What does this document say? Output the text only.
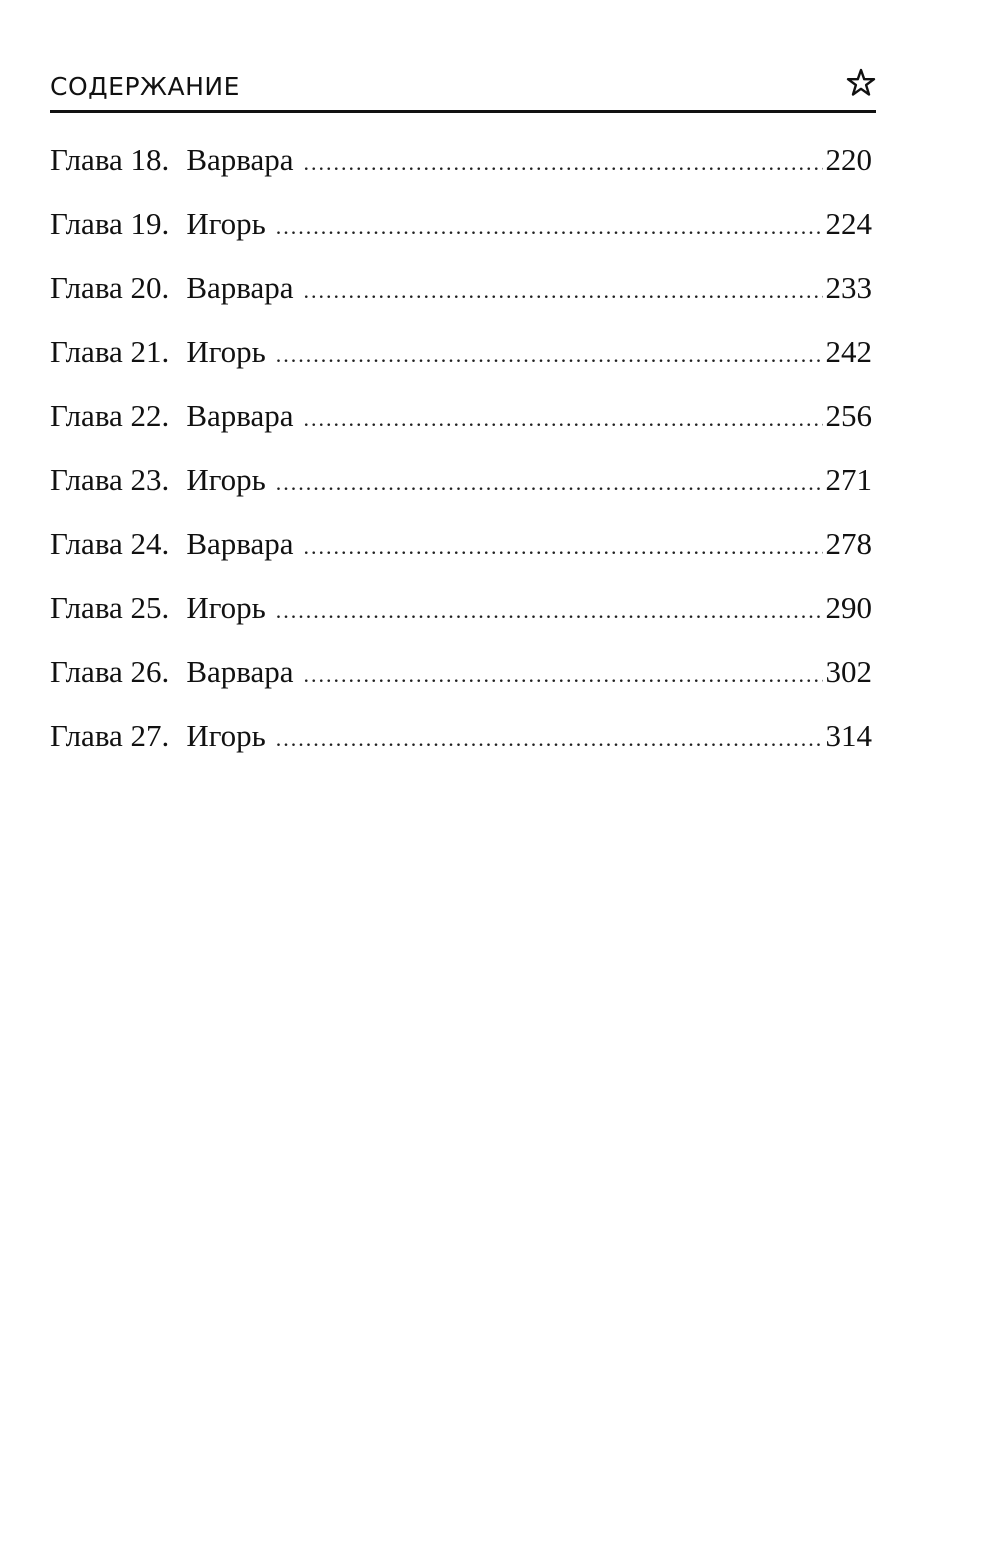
СОДЕРЖАНИЕ
Глава 18. Варвара .....	220
Глава 19. Игорь .....	224
Глава 20. Варвара .....	233
Глава 21. Игорь .....	242
Глава 22. Варвара .....	256
Глава 23. Игорь .....	271
Глава 24. Варвара .....	278
Глава 25. Игорь .....	290
Глава 26. Варвара .....	302
Глава 27. Игорь .....	314
